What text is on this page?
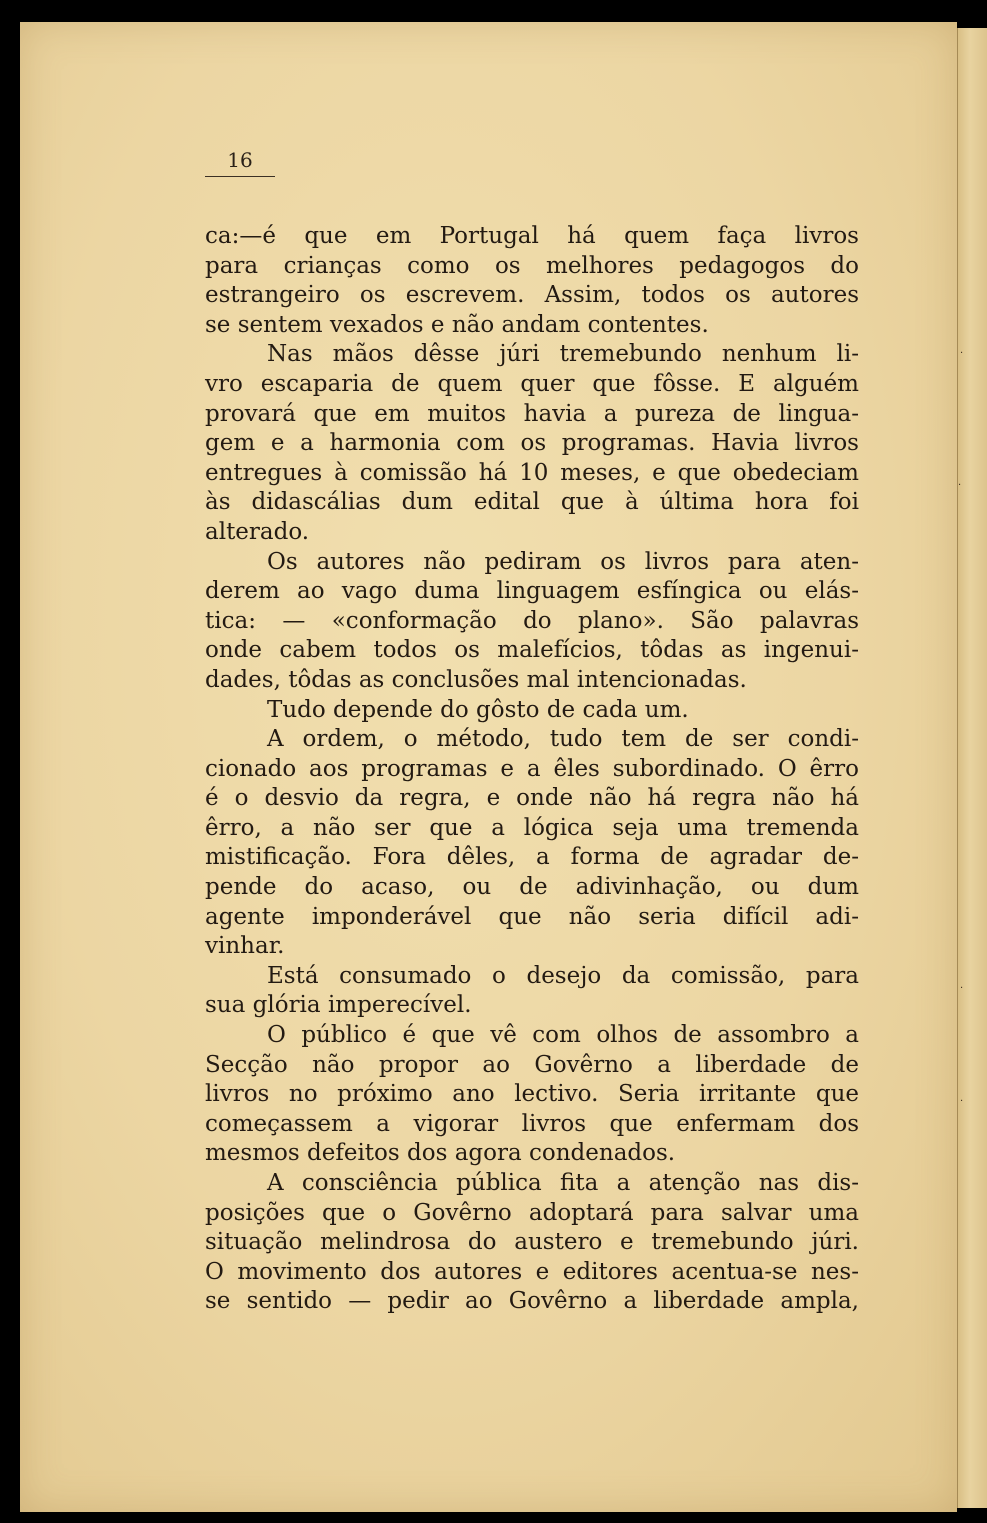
·
·
·
·
16
ca:—é que em Portugal há quem faça livros
para crianças como os melhores pedagogos do
estrangeiro os escrevem. Assim, todos os autores
se sentem vexados e não andam contentes.
Nas mãos dêsse júri tremebundo nenhum li-
vro escaparia de quem quer que fôsse. E alguém
provará que em muitos havia a pureza de lingua-
gem e a harmonia com os programas. Havia livros
entregues à comissão há 10 meses, e que obedeciam
às didascálias dum edital que à última hora foi
alterado.
Os autores não pediram os livros para aten-
derem ao vago duma linguagem esfíngica ou elás-
tica: — «conformação do plano». São palavras
onde cabem todos os malefícios, tôdas as ingenui-
dades, tôdas as conclusões mal intencionadas.
Tudo depende do gôsto de cada um.
A ordem, o método, tudo tem de ser condi-
cionado aos programas e a êles subordinado. O êrro
é o desvio da regra, e onde não há regra não há
êrro, a não ser que a lógica seja uma tremenda
mistificação. Fora dêles, a forma de agradar de-
pende do acaso, ou de adivinhação, ou dum
agente imponderável que não seria difícil adi-
vinhar.
Está consumado o desejo da comissão, para
sua glória imperecível.
O público é que vê com olhos de assombro a
Secção não propor ao Govêrno a liberdade de
livros no próximo ano lectivo. Seria irritante que
começassem a vigorar livros que enfermam dos
mesmos defeitos dos agora condenados.
A consciência pública fita a atenção nas dis-
posições que o Govêrno adoptará para salvar uma
situação melindrosa do austero e tremebundo júri.
O movimento dos autores e editores acentua-se nes-
se sentido — pedir ao Govêrno a liberdade ampla,
